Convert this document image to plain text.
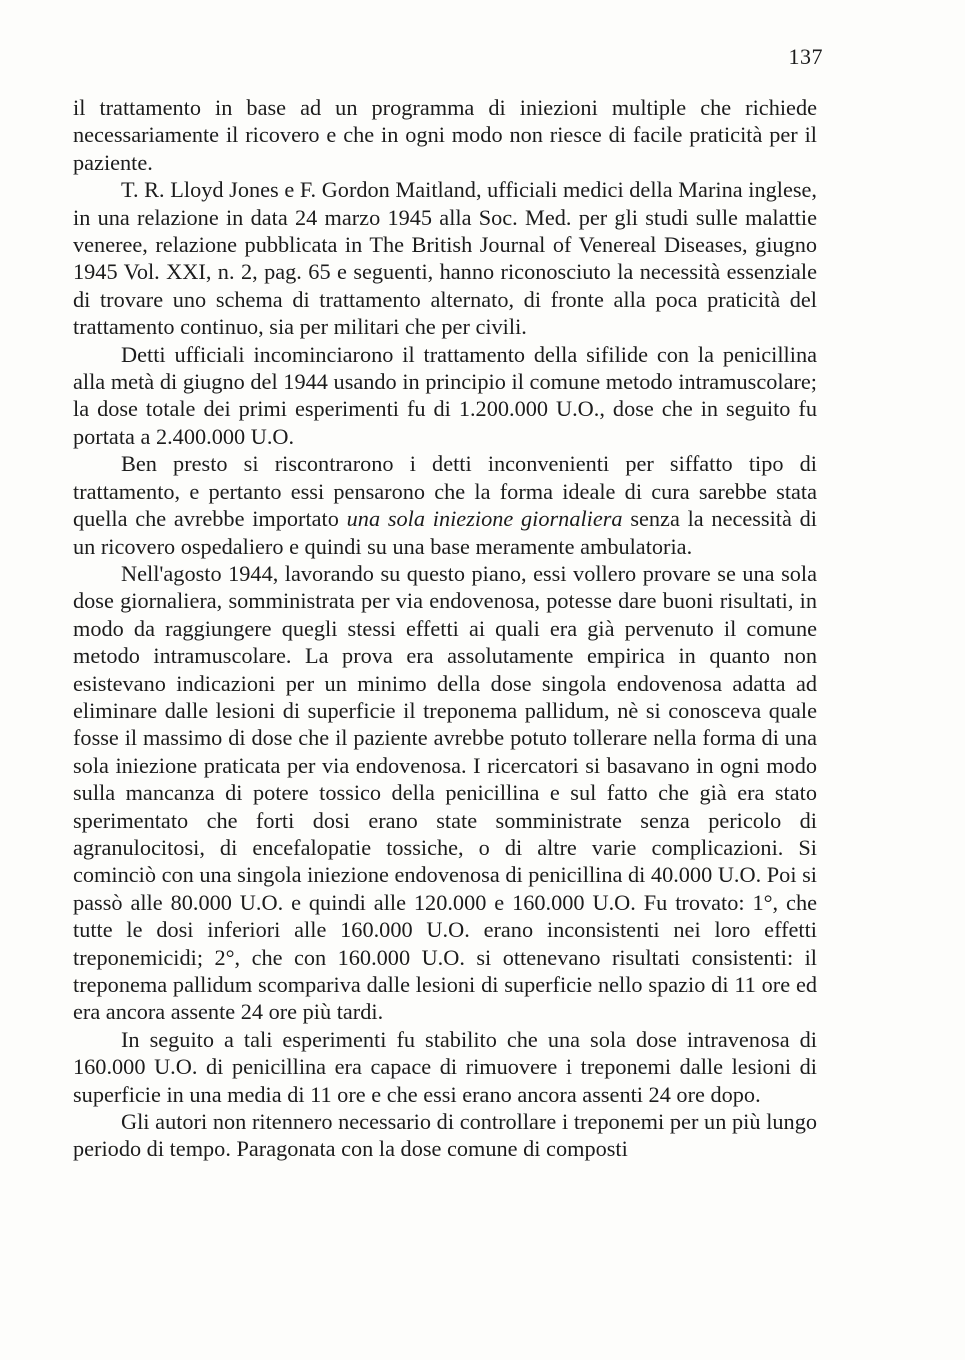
137

il trattamento in base ad un programma di iniezioni multiple che richiede necessariamente il ricovero e che in ogni modo non riesce di facile praticità per il paziente.

T. R. Lloyd Jones e F. Gordon Maitland, ufficiali medici della Marina inglese, in una relazione in data 24 marzo 1945 alla Soc. Med. per gli studi sulle malattie veneree, relazione pubblicata in The British Journal of Venereal Diseases, giugno 1945 Vol. XXI, n. 2, pag. 65 e seguenti, hanno riconosciuto la necessità essenziale di trovare uno schema di trattamento alternato, di fronte alla poca praticità del trattamento continuo, sia per militari che per civili.

Detti ufficiali incominciarono il trattamento della sifilide con la penicillina alla metà di giugno del 1944 usando in principio il comune metodo intramuscolare; la dose totale dei primi esperimenti fu di 1.200.000 U.O., dose che in seguito fu portata a 2.400.000 U.O.

Ben presto si riscontrarono i detti inconvenienti per siffatto tipo di trattamento, e pertanto essi pensarono che la forma ideale di cura sarebbe stata quella che avrebbe importato una sola iniezione giornaliera senza la necessità di un ricovero ospedaliero e quindi su una base meramente ambulatoria.

Nell'agosto 1944, lavorando su questo piano, essi vollero provare se una sola dose giornaliera, somministrata per via endovenosa, potesse dare buoni risultati, in modo da raggiungere quegli stessi effetti ai quali era già pervenuto il comune metodo intramuscolare. La prova era assolutamente empirica in quanto non esistevano indicazioni per un minimo della dose singola endovenosa adatta ad eliminare dalle lesioni di superficie il treponema pallidum, nè si conosceva quale fosse il massimo di dose che il paziente avrebbe potuto tollerare nella forma di una sola iniezione praticata per via endovenosa. I ricercatori si basavano in ogni modo sulla mancanza di potere tossico della penicillina e sul fatto che già era stato sperimentato che forti dosi erano state somministrate senza pericolo di agranulocitosi, di encefalopatie tossiche, o di altre varie complicazioni. Si cominciò con una singola iniezione endovenosa di penicillina di 40.000 U.O. Poi si passò alle 80.000 U.O. e quindi alle 120.000 e 160.000 U.O. Fu trovato: 1°, che tutte le dosi inferiori alle 160.000 U.O. erano inconsistenti nei loro effetti treponemicidi; 2°, che con 160.000 U.O. si ottenevano risultati consistenti: il treponema pallidum scompariva dalle lesioni di superficie nello spazio di 11 ore ed era ancora assente 24 ore più tardi.

In seguito a tali esperimenti fu stabilito che una sola dose intravenosa di 160.000 U.O. di penicillina era capace di rimuovere i treponemi dalle lesioni di superficie in una media di 11 ore e che essi erano ancora assenti 24 ore dopo.

Gli autori non ritennero necessario di controllare i treponemi per un più lungo periodo di tempo. Paragonata con la dose comune di composti
